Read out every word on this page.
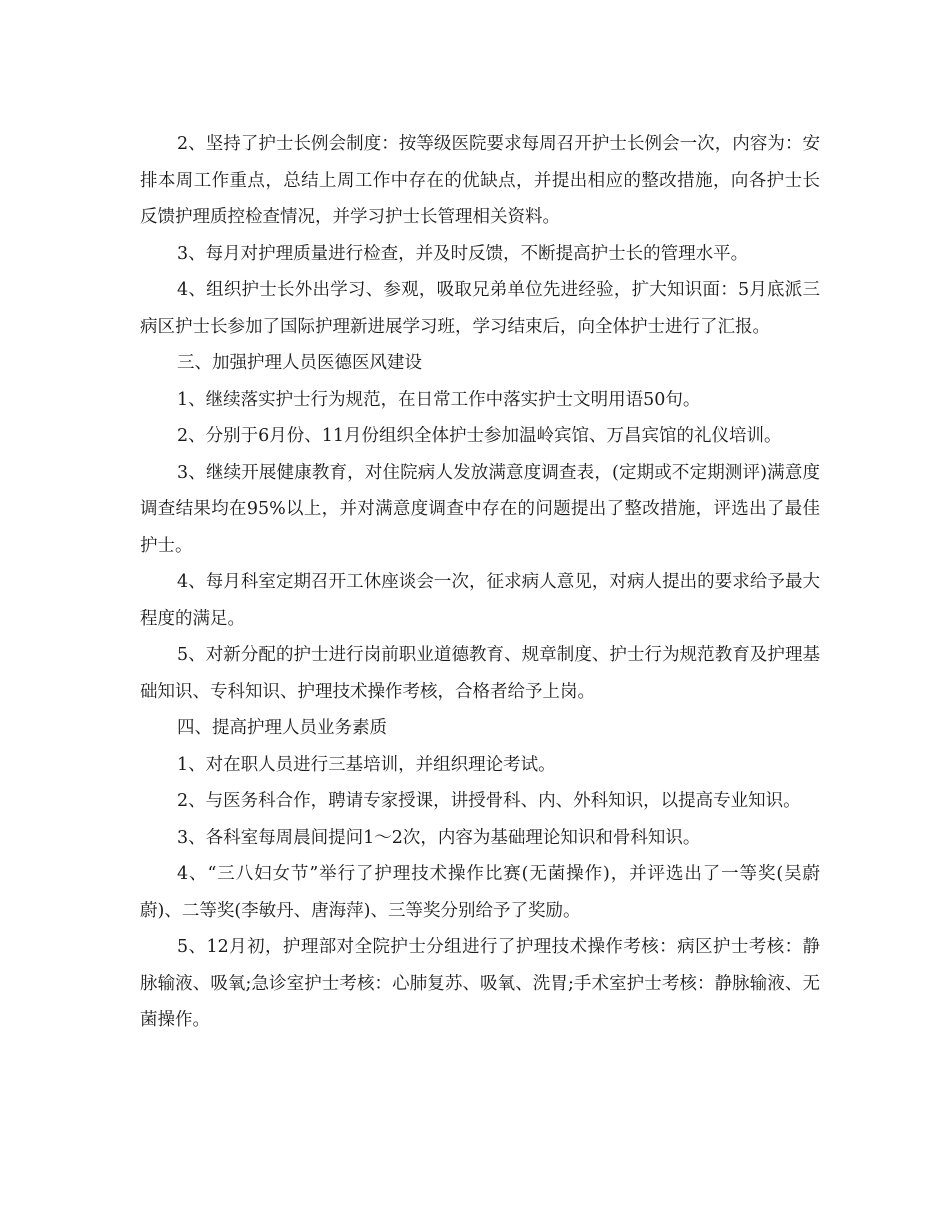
2、坚持了护士长例会制度：按等级医院要求每周召开护士长例会一次，内容为：安排本周工作重点，总结上周工作中存在的优缺点，并提出相应的整改措施，向各护士长反馈护理质控检查情况，并学习护士长管理相关资料。

3、每月对护理质量进行检查，并及时反馈，不断提高护士长的管理水平。

4、组织护士长外出学习、参观，吸取兄弟单位先进经验，扩大知识面：5月底派三病区护士长参加了国际护理新进展学习班，学习结束后，向全体护士进行了汇报。

三、加强护理人员医德医风建设

1、继续落实护士行为规范，在日常工作中落实护士文明用语50句。

2、分别于6月份、11月份组织全体护士参加温岭宾馆、万昌宾馆的礼仪培训。

3、继续开展健康教育，对住院病人发放满意度调查表，(定期或不定期测评)满意度调查结果均在95%以上，并对满意度调查中存在的问题提出了整改措施，评选出了最佳护士。

4、每月科室定期召开工休座谈会一次，征求病人意见，对病人提出的要求给予最大程度的满足。

5、对新分配的护士进行岗前职业道德教育、规章制度、护士行为规范教育及护理基础知识、专科知识、护理技术操作考核，合格者给予上岗。

四、提高护理人员业务素质

1、对在职人员进行三基培训，并组织理论考试。

2、与医务科合作，聘请专家授课，讲授骨科、内、外科知识，以提高专业知识。

3、各科室每周晨间提问1～2次，内容为基础理论知识和骨科知识。

4、“三八妇女节”举行了护理技术操作比赛(无菌操作)，并评选出了一等奖(吴蔚蔚)、二等奖(李敏丹、唐海萍)、三等奖分别给予了奖励。

5、12月初，护理部对全院护士分组进行了护理技术操作考核：病区护士考核：静脉输液、吸氧;急诊室护士考核：心肺复苏、吸氧、洗胃;手术室护士考核：静脉输液、无菌操作。
